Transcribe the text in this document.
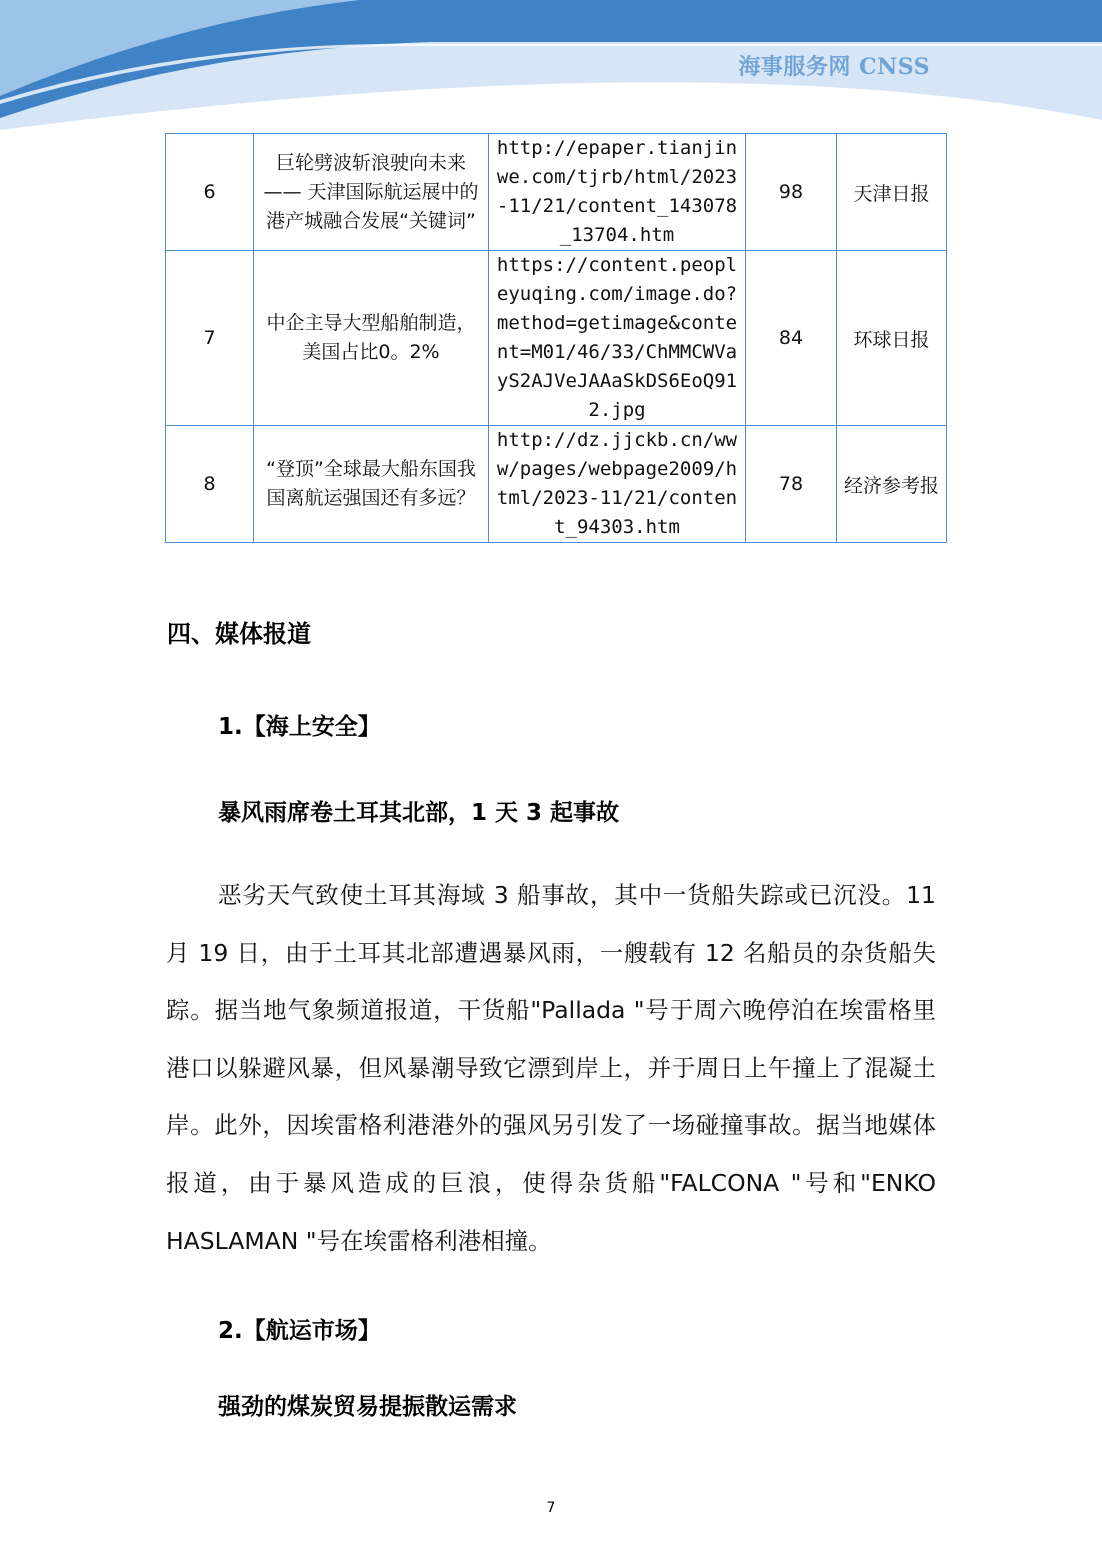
海事服务网 CNSS
6	巨轮劈波斩浪驶向未来—— 天津国际航运展中的港产城融合发展“关键词”	http://epaper.tianjinwe.com/tjrb/html/2023-11/21/content_143078_13704.htm	98	天津日报
7	中企主导大型船舶制造，美国占比0。2%	https://content.peopleyuqing.com/image.do?method=getimage&content=M01/46/33/ChMMCWVayS2AJVeJAAaSkDS6EoQ912.jpg	84	环球日报
8	“登顶”全球最大船东国我国离航运强国还有多远？	http://dz.jjckb.cn/www/pages/webpage2009/html/2023-11/21/content_94303.htm	78	经济参考报
四、媒体报道
1.【海上安全】
暴风雨席卷土耳其北部，1 天 3 起事故

恶劣天气致使土耳其海域 3 船事故，其中一货船失踪或已沉没。11 月 19 日，由于土耳其北部遭遇暴风雨，一艘载有 12 名船员的杂货船失踪。据当地气象频道报道，干货船"Pallada "号于周六晚停泊在埃雷格里港口以躲避风暴，但风暴潮导致它漂到岸上，并于周日上午撞上了混凝土岸。此外，因埃雷格利港港外的强风另引发了一场碰撞事故。据当地媒体报道，由于暴风造成的巨浪，使得杂货船"FALCONA "号和"ENKO HASLAMAN "号在埃雷格利港相撞。

2.【航运市场】
强劲的煤炭贸易提振散运需求
7
